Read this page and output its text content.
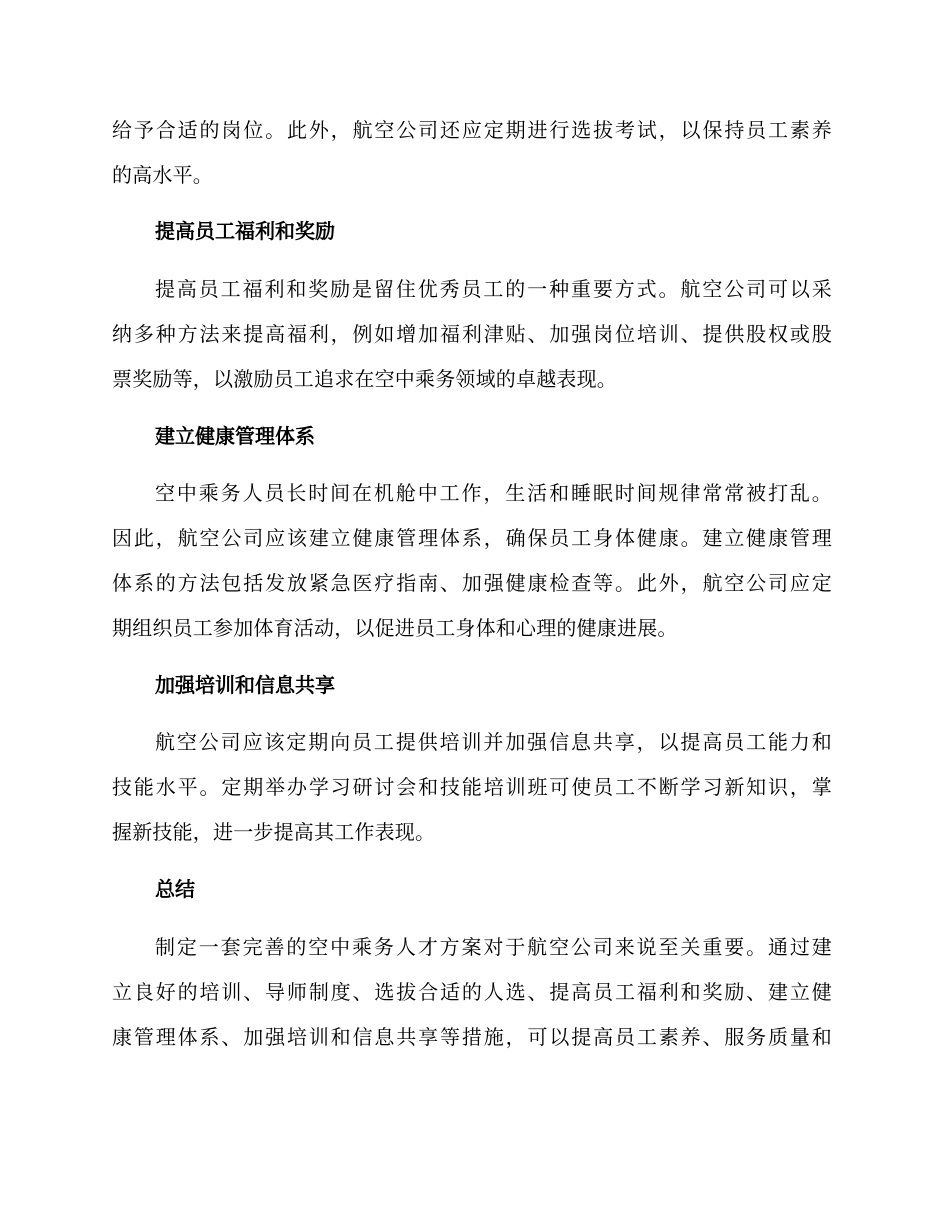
给予合适的岗位。此外，航空公司还应定期进行选拔考试，以保持员工素养
的高水平。
提高员工福利和奖励
提高员工福利和奖励是留住优秀员工的一种重要方式。航空公司可以采
纳多种方法来提高福利，例如增加福利津贴、加强岗位培训、提供股权或股
票奖励等，以激励员工追求在空中乘务领域的卓越表现。
建立健康管理体系
空中乘务人员长时间在机舱中工作，生活和睡眠时间规律常常被打乱。
因此，航空公司应该建立健康管理体系，确保员工身体健康。建立健康管理
体系的方法包括发放紧急医疗指南、加强健康检查等。此外，航空公司应定
期组织员工参加体育活动，以促进员工身体和心理的健康进展。
加强培训和信息共享
航空公司应该定期向员工提供培训并加强信息共享，以提高员工能力和
技能水平。定期举办学习研讨会和技能培训班可使员工不断学习新知识，掌
握新技能，进一步提高其工作表现。
总结
制定一套完善的空中乘务人才方案对于航空公司来说至关重要。通过建
立良好的培训、导师制度、选拔合适的人选、提高员工福利和奖励、建立健
康管理体系、加强培训和信息共享等措施，可以提高员工素养、服务质量和
